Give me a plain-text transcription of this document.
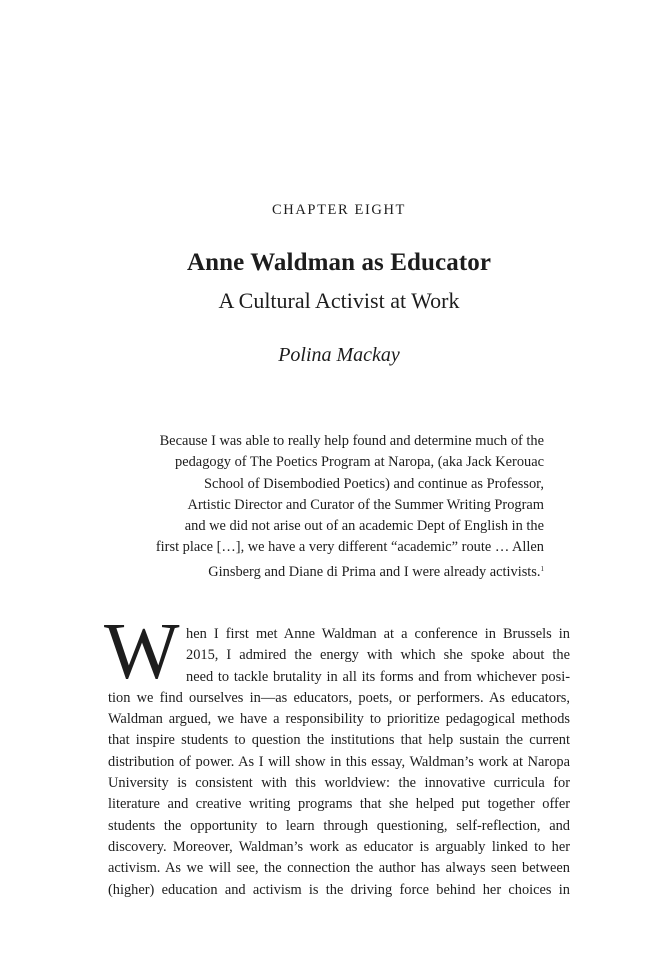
CHAPTER EIGHT
Anne Waldman as Educator
A Cultural Activist at Work
Polina Mackay
Because I was able to really help found and determine much of the
pedagogy of The Poetics Program at Naropa, (aka Jack Kerouac
School of Disembodied Poetics) and continue as Professor,
Artistic Director and Curator of the Summer Writing Program
and we did not arise out of an academic Dept of English in the
first place […], we have a very different “academic” route … Allen
Ginsberg and Diane di Prima and I were already activists.$^1$
W hen I first met Anne Waldman at a conference in Brussels in
2015, I admired the energy with which she spoke about the
need to tackle brutality in all its forms and from whichever posi-
tion we find ourselves in—as educators, poets, or performers. As educators,
Waldman argued, we have a responsibility to prioritize pedagogical methods
that inspire students to question the institutions that help sustain the current
distribution of power. As I will show in this essay, Waldman’s work at Naropa
University is consistent with this worldview: the innovative curricula for
literature and creative writing programs that she helped put together offer
students the opportunity to learn through questioning, self-reflection, and
discovery. Moreover, Waldman’s work as educator is arguably linked to her
activism. As we will see, the connection the author has always seen between
(higher) education and activism is the driving force behind her choices in
